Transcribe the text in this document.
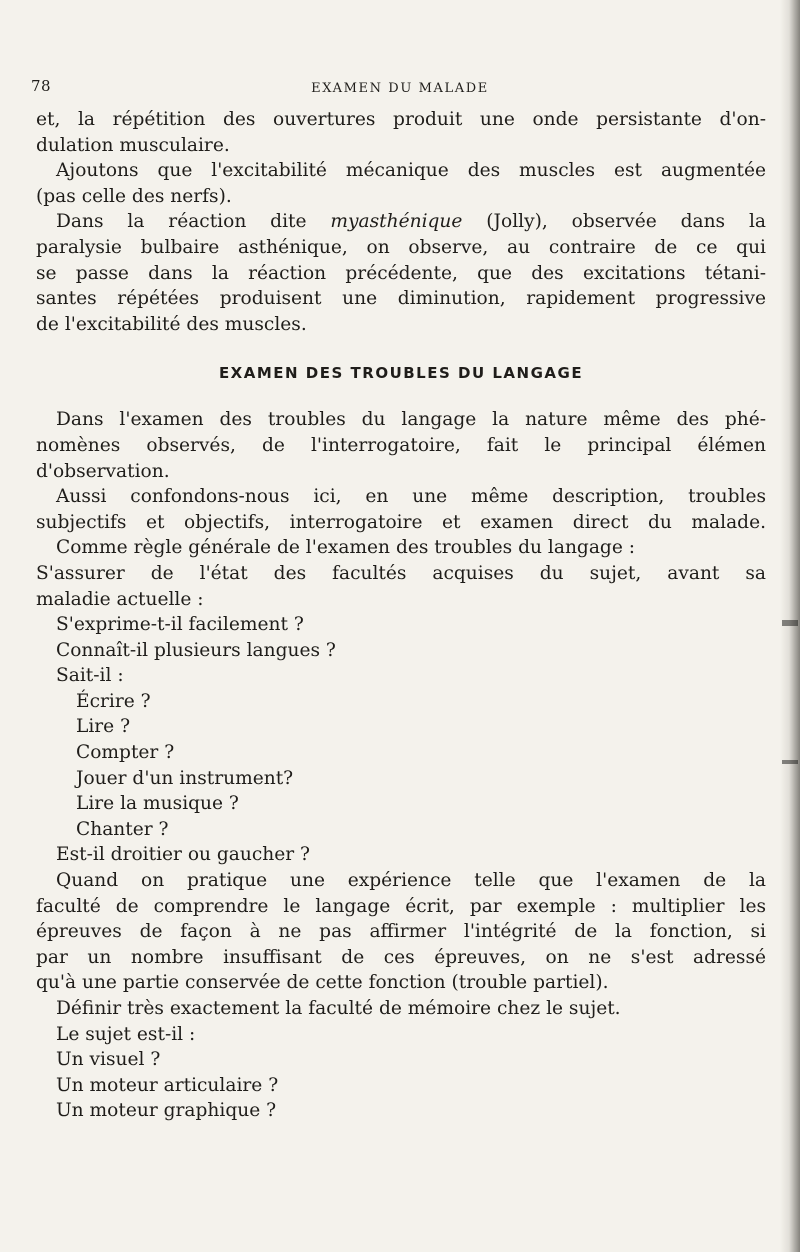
78	EXAMEN DU MALADE
et, la répétition des ouvertures produit une onde persistante d'on-
dulation musculaire.
Ajoutons que l'excitabilité mécanique des muscles est augmentée
(pas celle des nerfs).
Dans la réaction dite myasthénique (Jolly), observée dans la
paralysie bulbaire asthénique, on observe, au contraire de ce qui
se passe dans la réaction précédente, que des excitations tétani-
santes répétées produisent une diminution, rapidement progressive
de l'excitabilité des muscles.
EXAMEN DES TROUBLES DU LANGAGE
Dans l'examen des troubles du langage la nature même des phé-
nomènes observés, de l'interrogatoire, fait le principal élémen
d'observation.
Aussi confondons-nous ici, en une même description, troubles
subjectifs et objectifs, interrogatoire et examen direct du malade.
Comme règle générale de l'examen des troubles du langage :
S'assurer de l'état des facultés acquises du sujet, avant sa
maladie actuelle :
S'exprime-t-il facilement ?
Connaît-il plusieurs langues ?
Sait-il :
Écrire ?
Lire ?
Compter ?
Jouer d'un instrument?
Lire la musique ?
Chanter ?
Est-il droitier ou gaucher ?
Quand on pratique une expérience telle que l'examen de la
faculté de comprendre le langage écrit, par exemple : multiplier les
épreuves de façon à ne pas affirmer l'intégrité de la fonction, si
par un nombre insuffisant de ces épreuves, on ne s'est adressé
qu'à une partie conservée de cette fonction (trouble partiel).
Définir très exactement la faculté de mémoire chez le sujet.
Le sujet est-il :
Un visuel ?
Un moteur articulaire ?
Un moteur graphique ?
